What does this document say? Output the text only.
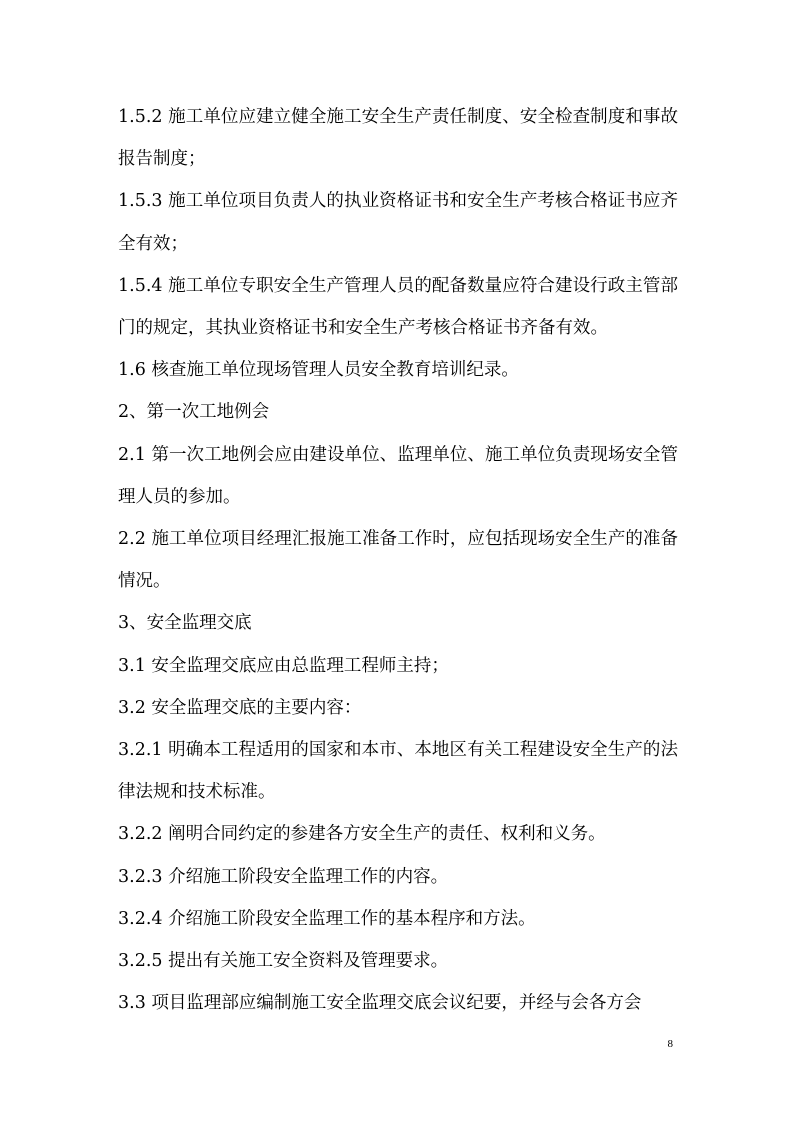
1.5.2 施工单位应建立健全施工安全生产责任制度、安全检查制度和事故报告制度；

1.5.3 施工单位项目负责人的执业资格证书和安全生产考核合格证书应齐全有效；

1.5.4 施工单位专职安全生产管理人员的配备数量应符合建设行政主管部门的规定，其执业资格证书和安全生产考核合格证书齐备有效。

1.6 核查施工单位现场管理人员安全教育培训纪录。

2、第一次工地例会

2.1 第一次工地例会应由建设单位、监理单位、施工单位负责现场安全管理人员的参加。

2.2 施工单位项目经理汇报施工准备工作时，应包括现场安全生产的准备情况。

3、安全监理交底

3.1 安全监理交底应由总监理工程师主持；

3.2 安全监理交底的主要内容：

3.2.1 明确本工程适用的国家和本市、本地区有关工程建设安全生产的法律法规和技术标准。

3.2.2 阐明合同约定的参建各方安全生产的责任、权利和义务。

3.2.3 介绍施工阶段安全监理工作的内容。

3.2.4 介绍施工阶段安全监理工作的基本程序和方法。

3.2.5 提出有关施工安全资料及管理要求。

3.3 项目监理部应编制施工安全监理交底会议纪要，并经与会各方会

8
